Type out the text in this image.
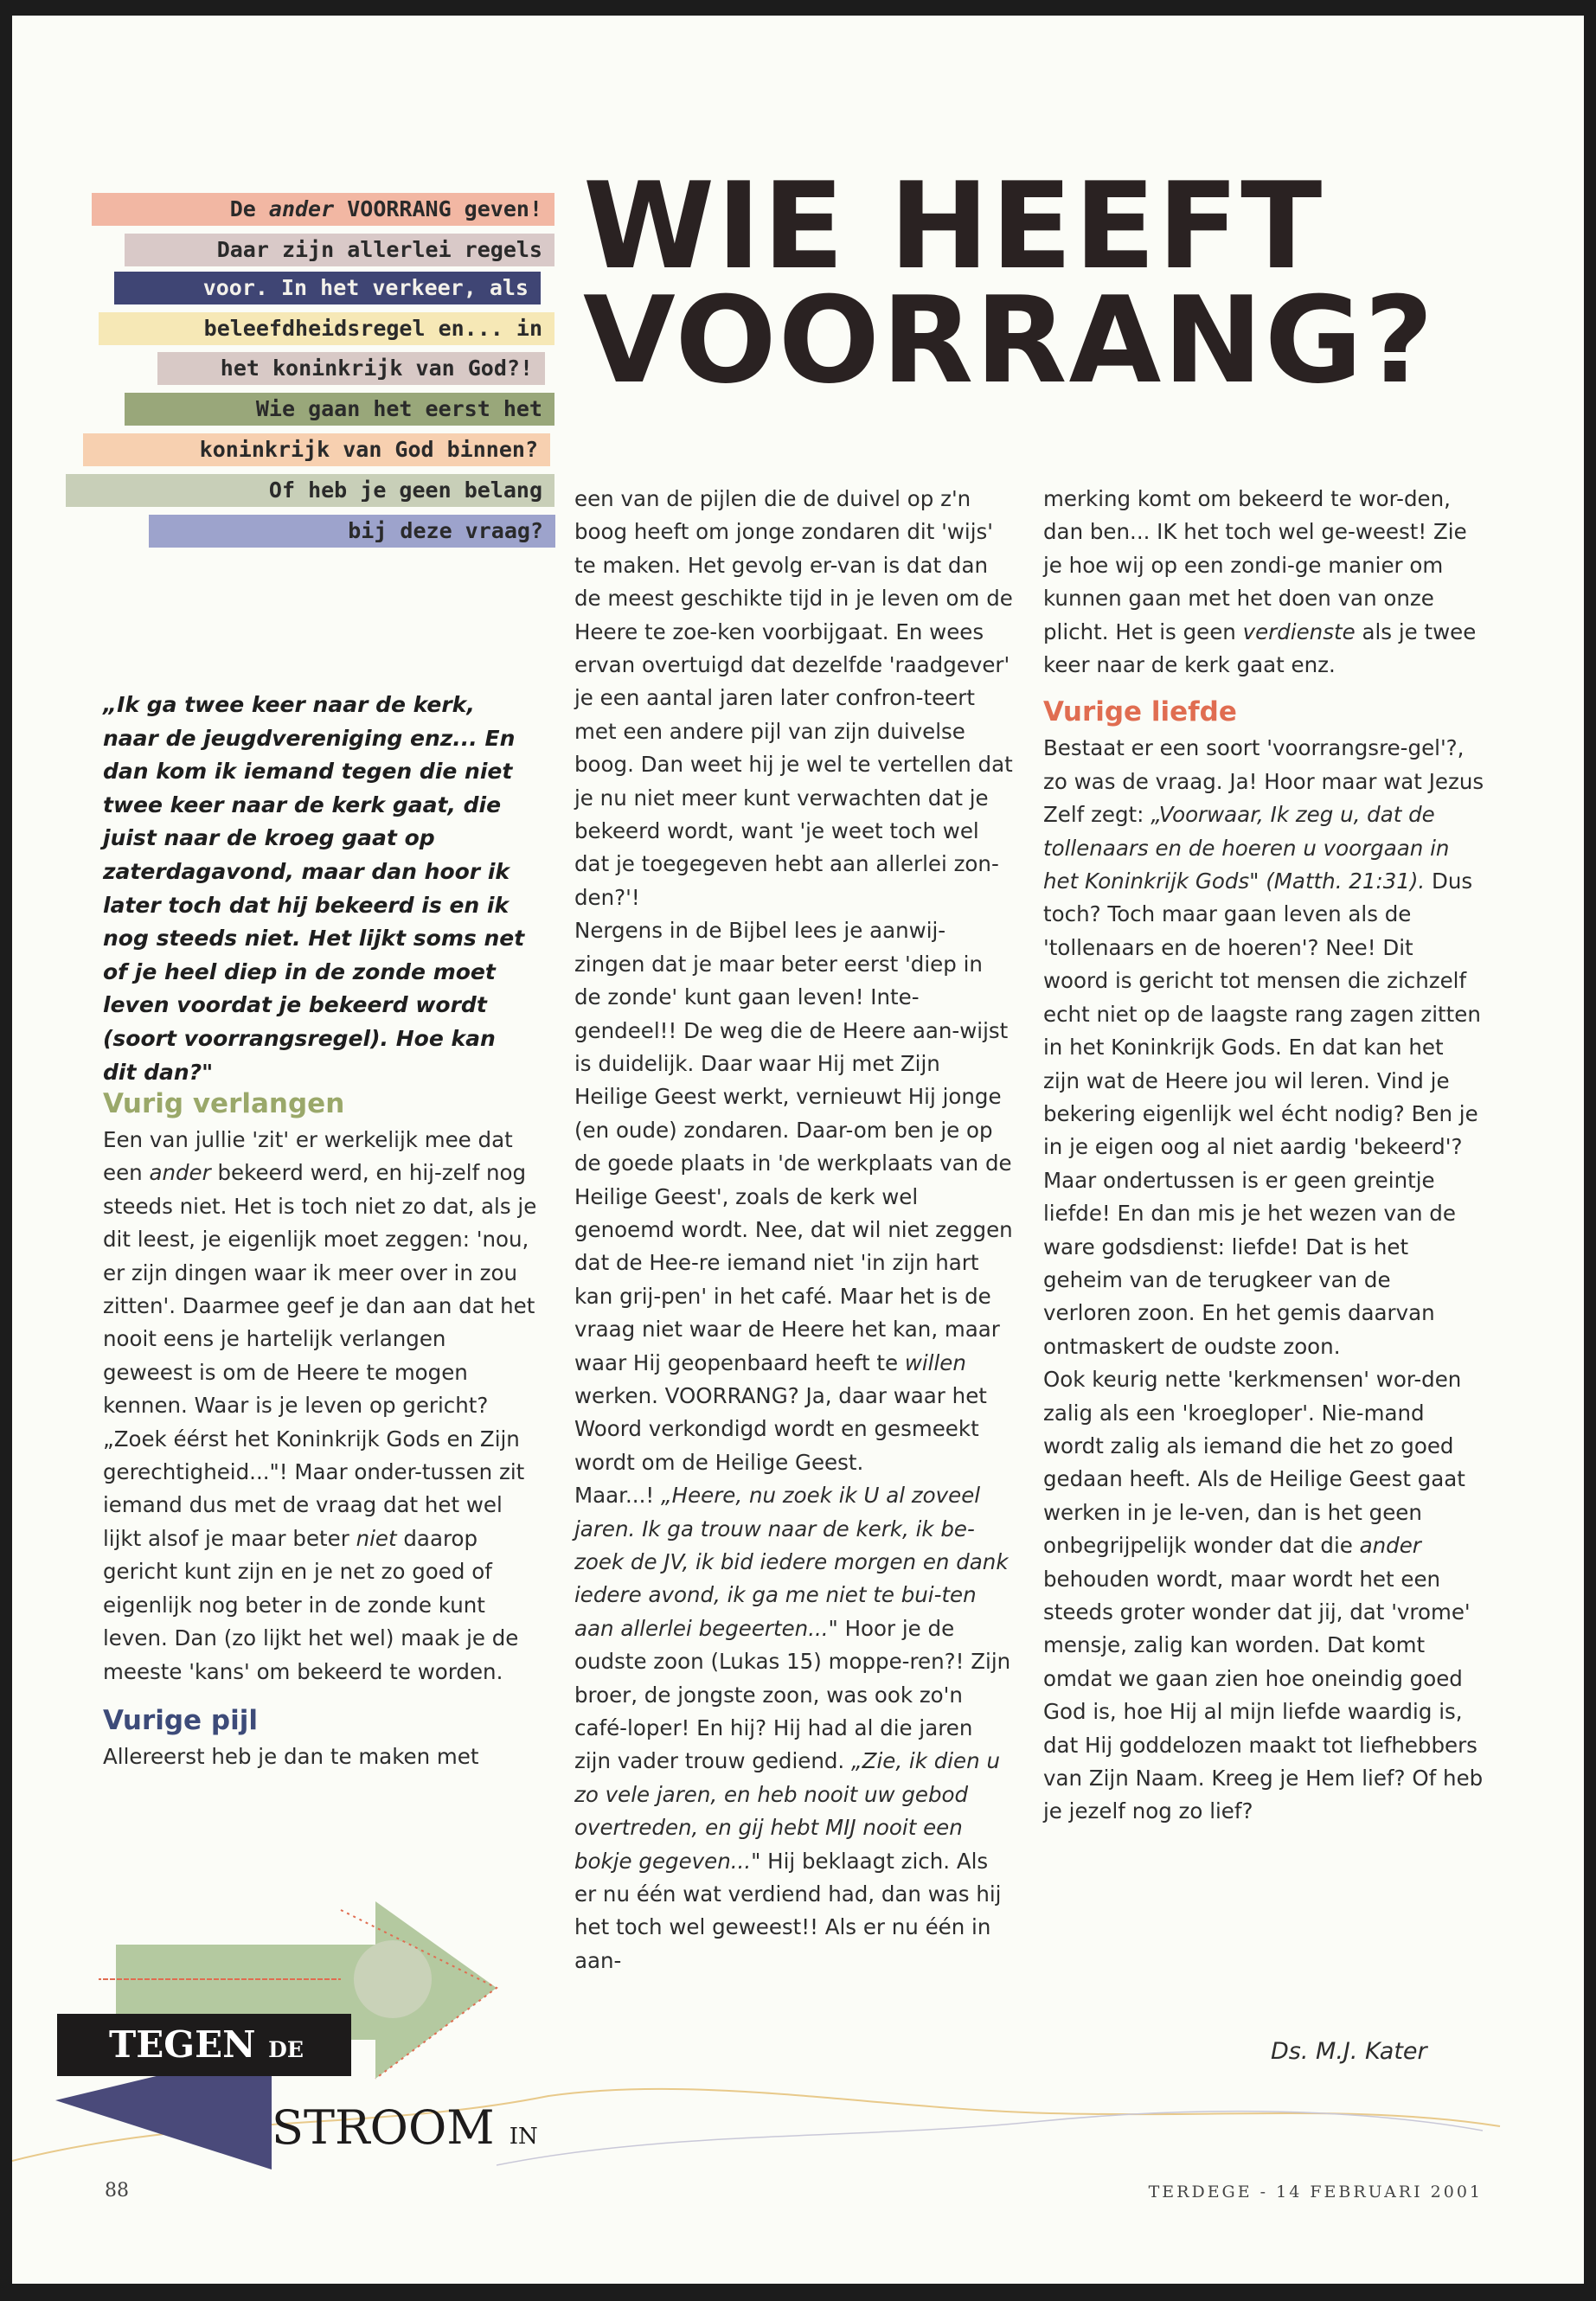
De ander VOORRANG geven!
Daar zijn allerlei regels
voor. In het verkeer, als
beleefdheidsregel en... in
het koninkrijk van God?!
Wie gaan het eerst het
koninkrijk van God binnen?
Of heb je geen belang
bij deze vraag?
WIE HEEFT
VOORRANG?

„Ik ga twee keer naar de kerk, naar de jeugdvereniging enz... En dan kom ik iemand tegen die niet twee keer naar de kerk gaat, die juist naar de kroeg gaat op zaterdagavond, maar dan hoor ik later toch dat hij bekeerd is en ik nog steeds niet. Het lijkt soms net of je heel diep in de zonde moet leven voordat je bekeerd wordt (soort voorrangsregel). Hoe kan dit dan?"

Vurig verlangen

Een van jullie 'zit' er werkelijk mee dat een ander bekeerd werd, en hij-zelf nog steeds niet. Het is toch niet zo dat, als je dit leest, je eigenlijk moet zeggen: 'nou, er zijn dingen waar ik meer over in zou zitten'. Daarmee geef je dan aan dat het nooit eens je hartelijk verlangen geweest is om de Heere te mogen kennen. Waar is je leven op gericht? „Zoek éérst het Koninkrijk Gods en Zijn gerechtigheid..."! Maar onder-tussen zit iemand dus met de vraag dat het wel lijkt alsof je maar beter niet daarop gericht kunt zijn en je net zo goed of eigenlijk nog beter in de zonde kunt leven. Dan (zo lijkt het wel) maak je de meeste 'kans' om bekeerd te worden.

Vurige pijl

Allereerst heb je dan te maken met

een van de pijlen die de duivel op z'n boog heeft om jonge zondaren dit 'wijs' te maken. Het gevolg er-van is dat dan de meest geschikte tijd in je leven om de Heere te zoe-ken voorbijgaat. En wees ervan overtuigd dat dezelfde 'raadgever' je een aantal jaren later confron-teert met een andere pijl van zijn duivelse boog. Dan weet hij je wel te vertellen dat je nu niet meer kunt verwachten dat je bekeerd wordt, want 'je weet toch wel dat je toegegeven hebt aan allerlei zon-den?'!

Nergens in de Bijbel lees je aanwij-zingen dat je maar beter eerst 'diep in de zonde' kunt gaan leven! Inte-gendeel!! De weg die de Heere aan-wijst is duidelijk. Daar waar Hij met Zijn Heilige Geest werkt, vernieuwt Hij jonge (en oude) zondaren. Daar-om ben je op de goede plaats in 'de werkplaats van de Heilige Geest', zoals de kerk wel genoemd wordt. Nee, dat wil niet zeggen dat de Hee-re iemand niet 'in zijn hart kan grij-pen' in het café. Maar het is de vraag niet waar de Heere het kan, maar waar Hij geopenbaard heeft te willen werken. VOORRANG? Ja, daar waar het Woord verkondigd wordt en gesmeekt wordt om de Heilige Geest.

Maar...! „Heere, nu zoek ik U al zoveel jaren. Ik ga trouw naar de kerk, ik be-zoek de JV, ik bid iedere morgen en dank iedere avond, ik ga me niet te bui-ten aan allerlei begeerten..." Hoor je de oudste zoon (Lukas 15) moppe-ren?! Zijn broer, de jongste zoon, was ook zo'n café-loper! En hij? Hij had al die jaren zijn vader trouw gediend. „Zie, ik dien u zo vele jaren, en heb nooit uw gebod overtreden, en gij hebt MIJ nooit een bokje gegeven..." Hij beklaagt zich. Als er nu één wat verdiend had, dan was hij het toch wel geweest!! Als er nu één in aan-

merking komt om bekeerd te wor-den, dan ben... IK het toch wel ge-weest! Zie je hoe wij op een zondi-ge manier om kunnen gaan met het doen van onze plicht. Het is geen verdienste als je twee keer naar de kerk gaat enz.

Vurige liefde

Bestaat er een soort 'voorrangsre-gel'?, zo was de vraag. Ja! Hoor maar wat Jezus Zelf zegt: „Voorwaar, Ik zeg u, dat de tollenaars en de hoeren u voorgaan in het Koninkrijk Gods" (Matth. 21:31). Dus toch? Toch maar gaan leven als de 'tollenaars en de hoeren'? Nee! Dit woord is gericht tot mensen die zichzelf echt niet op de laagste rang zagen zitten in het Koninkrijk Gods. En dat kan het zijn wat de Heere jou wil leren. Vind je bekering eigenlijk wel écht nodig? Ben je in je eigen oog al niet aardig 'bekeerd'? Maar ondertussen is er geen greintje liefde! En dan mis je het wezen van de ware godsdienst: liefde! Dat is het geheim van de terugkeer van de verloren zoon. En het gemis daarvan ontmaskert de oudste zoon.

Ook keurig nette 'kerkmensen' wor-den zalig als een 'kroegloper'. Nie-mand wordt zalig als iemand die het zo goed gedaan heeft. Als de Heilige Geest gaat werken in je le-ven, dan is het geen onbegrijpelijk wonder dat die ander behouden wordt, maar wordt het een steeds groter wonder dat jij, dat 'vrome' mensje, zalig kan worden. Dat komt omdat we gaan zien hoe oneindig goed God is, hoe Hij al mijn liefde waardig is, dat Hij goddelozen maakt tot liefhebbers van Zijn Naam. Kreeg je Hem lief? Of heb je jezelf nog zo lief?

Ds. M.J. Kater
TEGEN DE
STROOM IN
88	TERDEGE - 14 FEBRUARI 2001
